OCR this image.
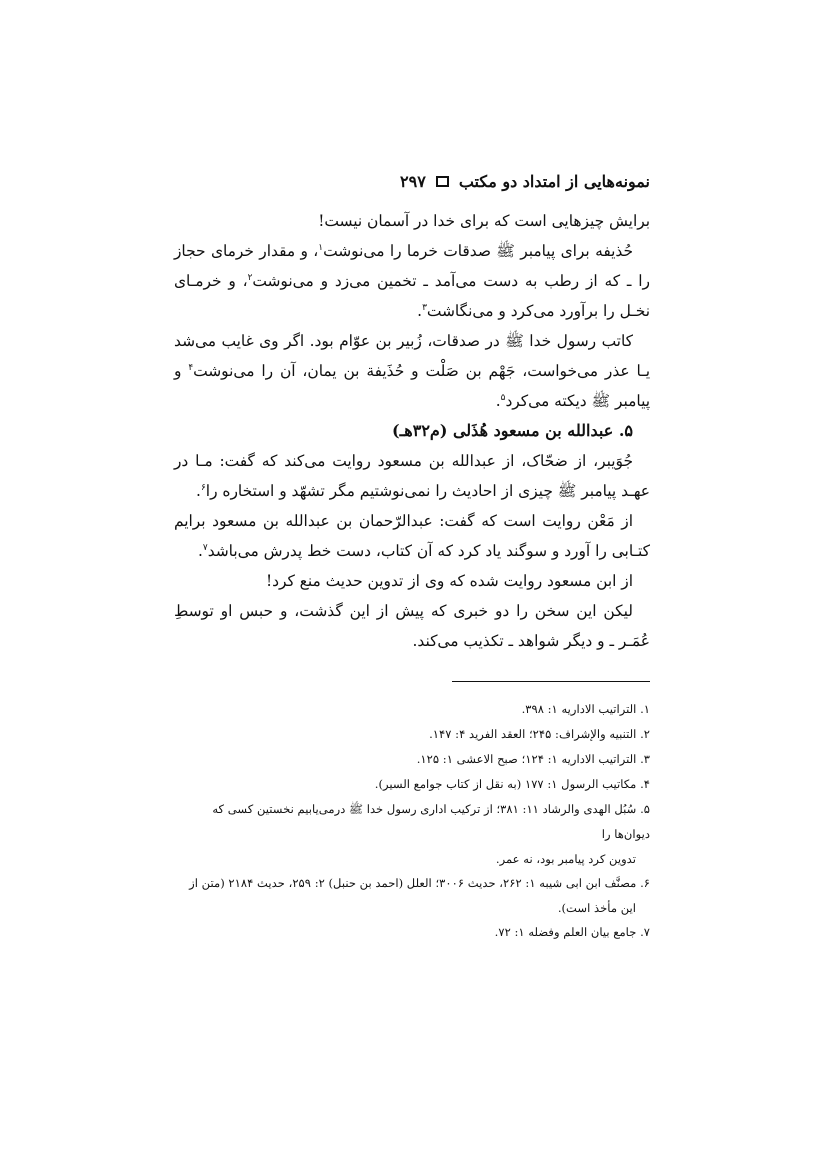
نمونه‌هایی از امتداد دو مکتب
۲۹۷

برایش چیزهایی است که برای خدا در آسمان نیست!

حُذیفه برای پیامبر ﷺ صدقات خرما را می‌نوشت$^۱$، و مقدار خرمای حجاز را ـ که از رطب به دست می‌آمد ـ تخمین می‌زد و می‌نوشت$^۲$، و خرمـای نخـل را برآورد می‌کرد و می‌نگاشت$^۳$.

کاتب رسول خدا ﷺ در صدقات، زُبیر بن عوّام بود. اگر وی غایب می‌شد یـا عذر می‌خواست، جَهْم بن صَلْت و حُذَیفة بن یمان، آن را می‌نوشت$^۴$ و پیامبر ﷺ دیکته می‌کرد$^۵$.

۵. عبدالله بن مسعود هُذَلی (م۳۲هـ)

جُوَیبر، از ضحّاک، از عبدالله بن مسعود روایت می‌کند که گفت: مـا در عهـد پیامبر ﷺ چیزی از احادیث را نمی‌نوشتیم مگر تشهّد و استخاره را$^۶$.

از مَعْن روایت است که گفت: عبدالرّحمان بن عبدالله بن مسعود برایم کتـابی را آورد و سوگند یاد کرد که آن کتاب، دست خط پدرش می‌باشد$^۷$.

از ابن مسعود روایت شده که وی از تدوین حدیث منع کرد!

لیکن این سخن را دو خبری که پیش از این گذشت، و حبس او توسطِ عُمَـر ـ و دیگر شواهد ـ تکذیب می‌کند.

۱. التراتیب الاداریه ۱: ۳۹۸.

۲. التنبیه والإشراف: ۲۴۵؛ العقد الفرید ۴: ۱۴۷.

۳. التراتیب الاداریه ۱: ۱۲۴؛ صبح الاعشی ۱: ۱۲۵.

۴. مکاتیب الرسول ۱: ۱۷۷ (به نقل از کتاب جوامع السیر).

۵. سُبُل الهدی والرشاد ۱۱: ۳۸۱؛ از ترکیب اداری رسول خدا ﷺ درمی‌یابیم نخستین کسی که دیوان‌ها را
تدوین کرد پیامبر بود، نه عمر.

۶. مصنَّف ابن ابی شیبه ۱: ۲۶۲، حدیث ۳۰۰۶؛ العلل (احمد بن حنبل) ۲: ۲۵۹، حدیث ۲۱۸۴ (متن از
این مأخذ است).

۷. جامع بیان العلم وفضله ۱: ۷۲.
